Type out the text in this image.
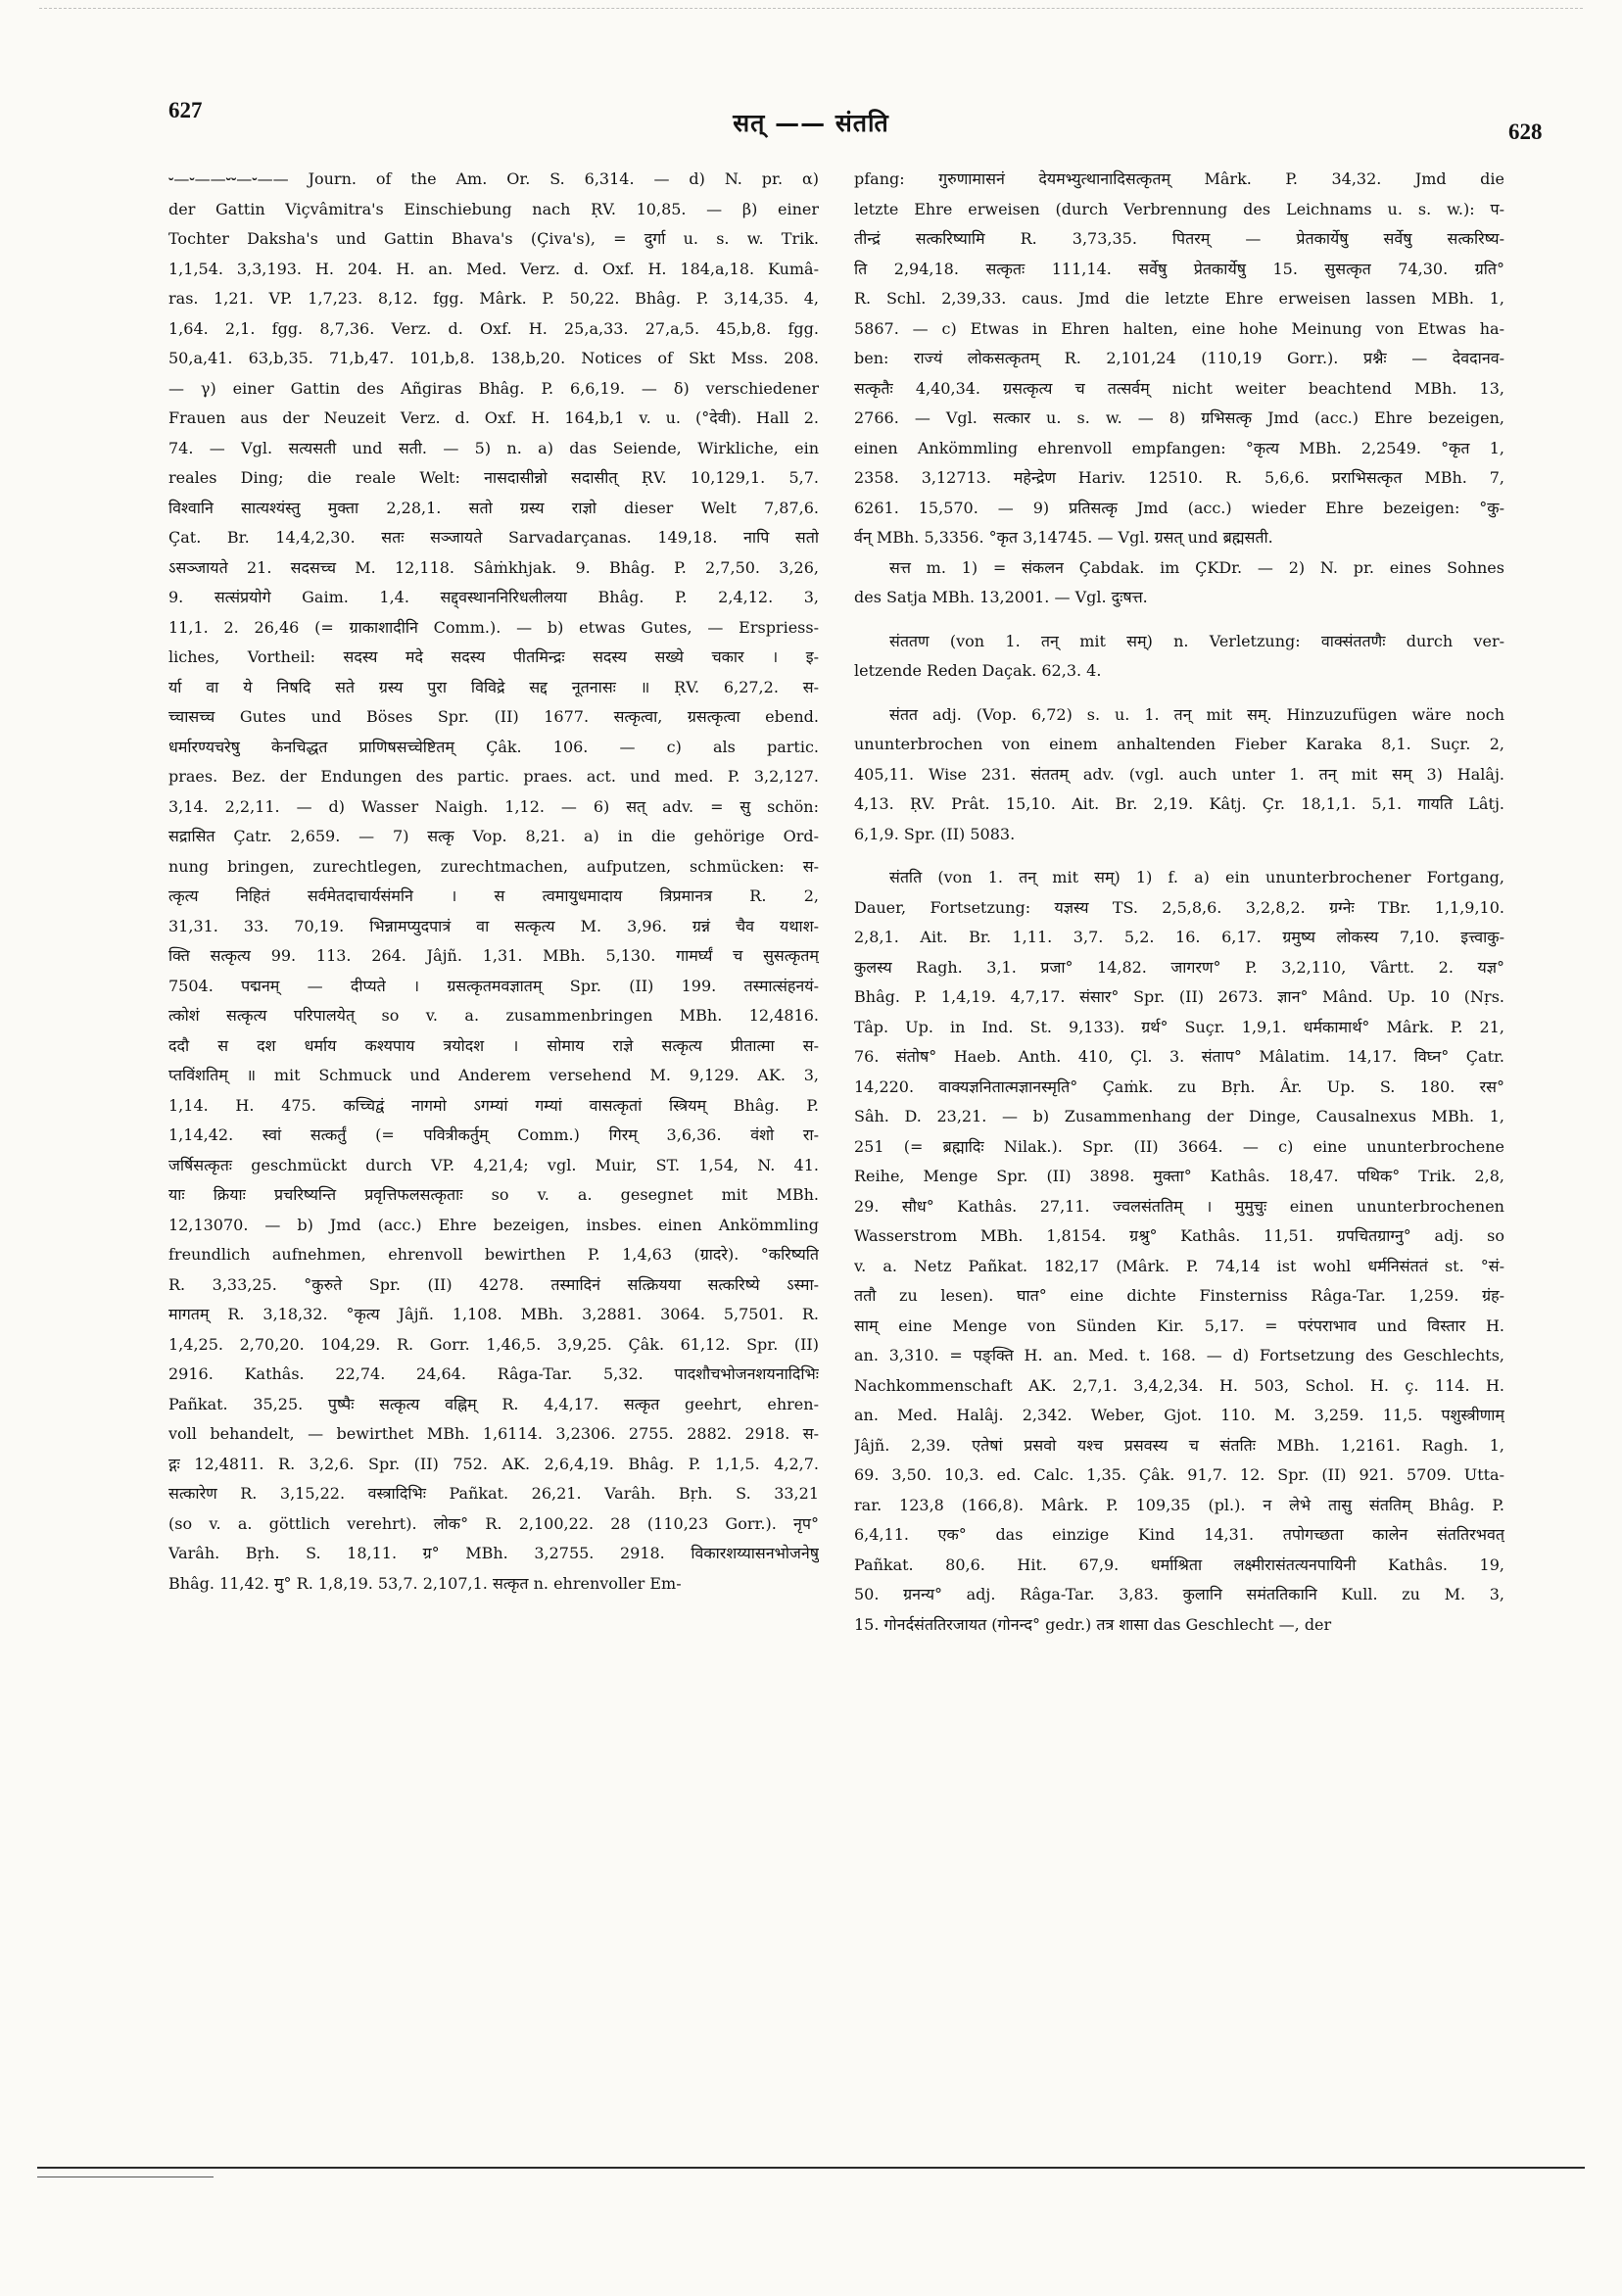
627	सत् —— संतति	628
⏑—⏑——⏑⏑—⏑—— Journ. of the Am. Or. S. 6,314. — d) N. pr. α)
der Gattin Viçvâmitra's Einschiebung nach ṚV. 10,85. — β) einer
Tochter Daksha's und Gattin Bhava's (Çiva's), = दुर्गा u. s. w. Trik.
1,1,54. 3,3,193. H. 204. H. an. Med. Verz. d. Oxf. H. 184,a,18. Kumâ-
ras. 1,21. VP. 1,7,23. 8,12. fgg. Mârk. P. 50,22. Bhâg. P. 3,14,35. 4,
1,64. 2,1. fgg. 8,7,36. Verz. d. Oxf. H. 25,a,33. 27,a,5. 45,b,8. fgg.
50,a,41. 63,b,35. 71,b,47. 101,b,8. 138,b,20. Notices of Skt Mss. 208.
— γ) einer Gattin des Añgiras Bhâg. P. 6,6,19. — δ) verschiedener
Frauen aus der Neuzeit Verz. d. Oxf. H. 164,b,1 v. u. (°देवी). Hall 2.
74. — Vgl. सत्यसती und सती. — 5) n. a) das Seiende, Wirkliche, ein
reales Ding; die reale Welt: नासदासीन्नो सदासीत् ṚV. 10,129,1. 5,7.
विश्वानि सात्यश्यंस्तु मुक्ता 2,28,1. सतो ग्रस्य राज्ञो dieser Welt 7,87,6.
Çat. Br. 14,4,2,30. सतः सञ्जायते Sarvadarçanas. 149,18. नापि सतो
ऽसञ्जायते 21. सदसच्च M. 12,118. Sâṁkhjak. 9. Bhâg. P. 2,7,50. 3,26,
9. सत्संप्रयोगे Gaim. 1,4. सद्द्वस्थाननिरिधलीलया Bhâg. P. 2,4,12. 3,
11,1. 2. 26,46 (= ग्राकाशादीनि Comm.). — b) etwas Gutes, — Erspriess-
liches, Vortheil: सदस्य मदे सदस्य पीतमिन्द्रः सदस्य सख्ये चकार । इ-
र्या वा ये निषदि सते ग्रस्य पुरा विविद्रे सद्द नूतनासः ॥ ṚV. 6,27,2. स-
च्चासच्च Gutes und Böses Spr. (II) 1677. सत्कृत्वा, ग्रसत्कृत्वा ebend.
धर्मारण्यचरेषु केनचिद्धत प्राणिषसच्चेष्टितम् Çâk. 106. — c) als partic.
praes. Bez. der Endungen des partic. praes. act. und med. P. 3,2,127.
3,14. 2,2,11. — d) Wasser Naigh. 1,12. — 6) सत् adv. = सु schön:
सद्रासित Çatr. 2,659. — 7) सत्कृ Vop. 8,21. a) in die gehörige Ord-
nung bringen, zurechtlegen, zurechtmachen, aufputzen, schmücken: स-
त्कृत्य निहितं सर्वमेतदाचार्यसंमनि । स त्वमायुधमादाय त्रिप्रमानत्र R. 2,
31,31. 33. 70,19. भिन्नामप्युदपात्रं वा सत्कृत्य M. 3,96. ग्रन्नं चैव यथाश-
क्ति सत्कृत्य 99. 113. 264. Jâjñ. 1,31. MBh. 5,130. गामर्घ्यं च सुसत्कृतम्
7504. पद्मनम् — दीप्यते । ग्रसत्कृतमवज्ञातम् Spr. (II) 199. तस्मात्संहनयं-
त्कोशं सत्कृत्य परिपालयेत् so v. a. zusammenbringen MBh. 12,4816.
ददौ स दश धर्माय कश्यपाय त्रयोदश । सोमाय राज्ञे सत्कृत्य प्रीतात्मा स-
प्तविंशतिम् ॥ mit Schmuck und Anderem versehend M. 9,129. AK. 3,
1,14. H. 475. कच्चिद्वं नागमो ऽगम्यां गम्यां वासत्कृतां स्त्रियम् Bhâg. P.
1,14,42. स्वां सत्कर्तुं (= पवित्रीकर्तुम् Comm.) गिरम् 3,6,36. वंशो रा-
जर्षिसत्कृतः geschmückt durch VP. 4,21,4; vgl. Muir, ST. 1,54, N. 41.
याः क्रियाः प्रचरिष्यन्ति प्रवृत्तिफलसत्कृताः so v. a. gesegnet mit MBh.
12,13070. — b) Jmd (acc.) Ehre bezeigen, insbes. einen Ankömmling
freundlich aufnehmen, ehrenvoll bewirthen P. 1,4,63 (ग्रादरे). °करिष्यति
R. 3,33,25. °कुरुते Spr. (II) 4278. तस्मादिनं सत्क्रियया सत्करिष्ये ऽस्मा-
मागतम् R. 3,18,32. °कृत्य Jâjñ. 1,108. MBh. 3,2881. 3064. 5,7501. R.
1,4,25. 2,70,20. 104,29. R. Gorr. 1,46,5. 3,9,25. Çâk. 61,12. Spr. (II)
2916. Kathâs. 22,74. 24,64. Râga-Tar. 5,32. पादशौचभोजनशयनादिभिः
Pañkat. 35,25. पुष्पैः सत्कृत्य वह्निम् R. 4,4,17. सत्कृत geehrt, ehren-
voll behandelt, — bewirthet MBh. 1,6114. 3,2306. 2755. 2882. 2918. स-
द्गः 12,4811. R. 3,2,6. Spr. (II) 752. AK. 2,6,4,19. Bhâg. P. 1,1,5. 4,2,7.
सत्कारेण R. 3,15,22. वस्त्रादिभिः Pañkat. 26,21. Varâh. Bṛh. S. 33,21
(so v. a. göttlich verehrt). लोक° R. 2,100,22. 28 (110,23 Gorr.). नृप°
Varâh. Bṛh. S. 18,11. ग्र° MBh. 3,2755. 2918. विकारशय्यासनभोजनेषु
Bhâg. 11,42. मु° R. 1,8,19. 53,7. 2,107,1. सत्कृत n. ehrenvoller Em-
pfang: गुरुणामासनं देयमभ्युत्थानादिसत्कृतम् Mârk. P. 34,32. Jmd die
letzte Ehre erweisen (durch Verbrennung des Leichnams u. s. w.): प-
तीन्द्रं सत्करिष्यामि R. 3,73,35. पितरम् — प्रेतकार्येषु सर्वेषु सत्करिष्य-
ति 2,94,18. सत्कृतः 111,14. सर्वेषु प्रेतकार्येषु 15. सुसत्कृत 74,30. ग्रति°
R. Schl. 2,39,33. caus. Jmd die letzte Ehre erweisen lassen MBh. 1,
5867. — c) Etwas in Ehren halten, eine hohe Meinung von Etwas ha-
ben: राज्यं लोकसत्कृतम् R. 2,101,24 (110,19 Gorr.). प्रश्नैः — देवदानव-
सत्कृतैः 4,40,34. ग्रसत्कृत्य च तत्सर्वम् nicht weiter beachtend MBh. 13,
2766. — Vgl. सत्कार u. s. w. — 8) ग्रभिसत्कृ Jmd (acc.) Ehre bezeigen,
einen Ankömmling ehrenvoll empfangen: °कृत्य MBh. 2,2549. °कृत 1,
2358. 3,12713. महेन्द्रेण Hariv. 12510. R. 5,6,6. प्रराभिसत्कृत MBh. 7,
6261. 15,570. — 9) प्रतिसत्कृ Jmd (acc.) wieder Ehre bezeigen: °कु-
र्वन् MBh. 5,3356. °कृत 3,14745. — Vgl. ग्रसत् und ब्रह्मसती.
सत्त m. 1) = संकलन Çabdak. im ÇKDr. — 2) N. pr. eines Sohnes
des Satja MBh. 13,2001. — Vgl. दुःषत्त.
संततण (von 1. तन् mit सम्) n. Verletzung: वाक्संततणैः durch ver-
letzende Reden Daçak. 62,3. 4.
संतत adj. (Vop. 6,72) s. u. 1. तन् mit सम्. Hinzuzufügen wäre noch
ununterbrochen von einem anhaltenden Fieber Karaka 8,1. Suçr. 2,
405,11. Wise 231. संततम् adv. (vgl. auch unter 1. तन् mit सम् 3) Halâj.
4,13. ṚV. Prât. 15,10. Ait. Br. 2,19. Kâtj. Çr. 18,1,1. 5,1. गायति Lâtj.
6,1,9. Spr. (II) 5083.
संतति (von 1. तन् mit सम्) 1) f. a) ein ununterbrochener Fortgang,
Dauer, Fortsetzung: यज्ञस्य TS. 2,5,8,6. 3,2,8,2. ग्रग्नेः TBr. 1,1,9,10.
2,8,1. Ait. Br. 1,11. 3,7. 5,2. 16. 6,17. ग्रमुष्य लोकस्य 7,10. इत्त्वाकु-
कुलस्य Ragh. 3,1. प्रजा° 14,82. जागरण° P. 3,2,110, Vârtt. 2. यज्ञ°
Bhâg. P. 1,4,19. 4,7,17. संसार° Spr. (II) 2673. ज्ञान° Mând. Up. 10 (Nṛs.
Tâp. Up. in Ind. St. 9,133). ग्रर्थ° Suçr. 1,9,1. धर्मकामार्थ° Mârk. P. 21,
76. संतोष° Haeb. Anth. 410, Çl. 3. संताप° Mâlatim. 14,17. विघ्न° Çatr.
14,220. वाक्यज्ञनितात्मज्ञानस्मृति° Çaṁk. zu Bṛh. Âr. Up. S. 180. रस°
Sâh. D. 23,21. — b) Zusammenhang der Dinge, Causalnexus MBh. 1,
251 (= ब्रह्मादिः Nilak.). Spr. (II) 3664. — c) eine ununterbrochene
Reihe, Menge Spr. (II) 3898. मुक्ता° Kathâs. 18,47. पथिक° Trik. 2,8,
29. सौध° Kathâs. 27,11. ज्वलसंततिम् । मुमुचुः einen ununterbrochenen
Wasserstrom MBh. 1,8154. ग्रश्रु° Kathâs. 11,51. ग्रपचितग्राग्नु° adj. so
v. a. Netz Pañkat. 182,17 (Mârk. P. 74,14 ist wohl धर्मनिसंततं st. °सं-
ततौ zu lesen). घात° eine dichte Finsterniss Râga-Tar. 1,259. ग्रंह-
साम् eine Menge von Sünden Kir. 5,17. = परंपराभाव und विस्तार H.
an. 3,310. = पङ्क्ति H. an. Med. t. 168. — d) Fortsetzung des Geschlechts,
Nachkommenschaft AK. 2,7,1. 3,4,2,34. H. 503, Schol. H. ç. 114. H.
an. Med. Halâj. 2,342. Weber, Gjot. 110. M. 3,259. 11,5. पशुस्त्रीणाम्
Jâjñ. 2,39. एतेषां प्रसवो यश्च प्रसवस्य च संततिः MBh. 1,2161. Ragh. 1,
69. 3,50. 10,3. ed. Calc. 1,35. Çâk. 91,7. 12. Spr. (II) 921. 5709. Utta-
rar. 123,8 (166,8). Mârk. P. 109,35 (pl.). न लेभे तासु संततिम् Bhâg. P.
6,4,11. एक° das einzige Kind 14,31. तपोगच्छता कालेन संततिरभवत्
Pañkat. 80,6. Hit. 67,9. धर्माश्रिता लक्ष्मीरासंतत्यनपायिनी Kathâs. 19,
50. ग्रनन्य° adj. Râga-Tar. 3,83. कुलानि समंततिकानि Kull. zu M. 3,
15. गोनर्दसंततिरजायत (गोनन्द° gedr.) तत्र शासा das Geschlecht —, der
